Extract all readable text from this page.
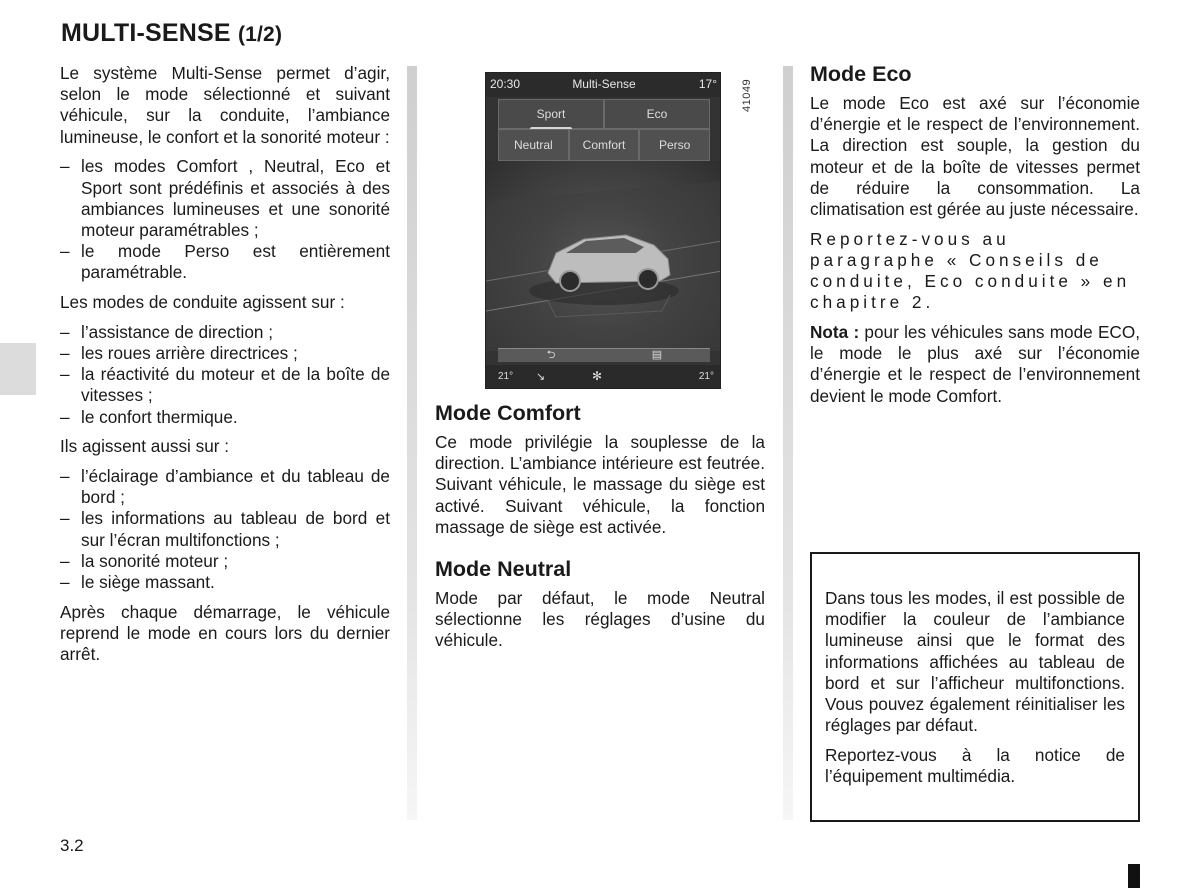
MULTI-SENSE (1/2)

Le système Multi-Sense permet d’agir, selon le mode sélectionné et suivant véhicule, sur la conduite, l’ambiance lumineuse, le confort et la sonorité moteur :

– les modes Comfort , Neutral, Eco et Sport sont prédéfinis et associés à des ambiances lumineuses et une sonorité moteur paramétrables ;
– le mode Perso est entièrement paramétrable.

Les modes de conduite agissent sur :

– l’assistance de direction ;
– les roues arrière directrices ;
– la réactivité du moteur et de la boîte de vitesses ;
– le confort thermique.

Ils agissent aussi sur :

– l’éclairage d’ambiance et du tableau de bord ;
– les informations au tableau de bord et sur l’écran multifonctions ;
– la sonorité moteur ;
– le siège massant.

Après chaque démarrage, le véhicule reprend le mode en cours lors du dernier arrêt.

41049
20:30	Multi-Sense	17°
Sport	Eco
Neutral	Comfort	Perso
⮌	▤
21° ↘	✻	21°
Mode Comfort

Ce mode privilégie la souplesse de la direction. L’ambiance intérieure est feutrée. Suivant véhicule, le massage du siège est activé. Suivant véhicule, la fonction massage de siège est activée.

Mode Neutral

Mode par défaut, le mode Neutral sélectionne les réglages d’usine du véhicule.

Mode Eco

Le mode Eco est axé sur l’économie d’énergie et le respect de l’environnement. La direction est souple, la gestion du moteur et de la boîte de vitesses permet de réduire la consommation. La climatisation est gérée au juste nécessaire.

Reportez-vous au paragraphe « Conseils de conduite, Eco conduite » en chapitre 2.

Nota : pour les véhicules sans mode ECO, le mode le plus axé sur l’économie d’énergie et le respect de l’environnement devient le mode Comfort.

Dans tous les modes, il est possible de modifier la couleur de l’ambiance lumineuse ainsi que le format des informations affichées au tableau de bord et sur l’afficheur multifonctions. Vous pouvez également réinitialiser les réglages par défaut.

Reportez-vous à la notice de l’équipement multimédia.

3.2
